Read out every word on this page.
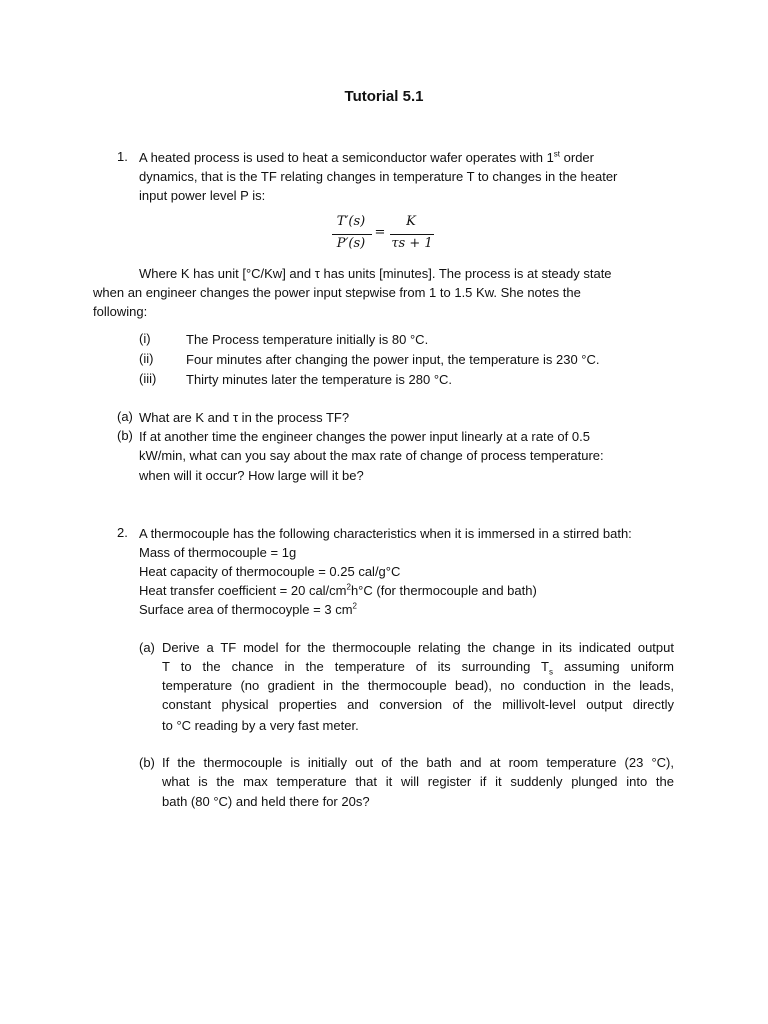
Tutorial 5.1
1. A heated process is used to heat a semiconductor wafer operates with 1st order
dynamics, that is the TF relating changes in temperature T to changes in the heater
input power level P is:
T′(s)
P′(s)
=
K
τs + 1
Where K has unit [°C/Kw] and τ has units [minutes]. The process is at steady state
when an engineer changes the power input stepwise from 1 to 1.5 Kw. She notes the
following:
(i)	The Process temperature initially is 80 °C.
(ii)	Four minutes after changing the power input, the temperature is 230 °C.
(iii) Thirty minutes later the temperature is 280 °C.
(a) What are K and τ in the process TF?
(b) If at another time the engineer changes the power input linearly at a rate of 0.5
kW/min, what can you say about the max rate of change of process temperature:
when will it occur? How large will it be?
2. A thermocouple has the following characteristics when it is immersed in a stirred bath:
Mass of thermocouple = 1g
Heat capacity of thermocouple = 0.25 cal/g°C
Heat transfer coefficient = 20 cal/$cm^2h^\circ C$ (for thermocouple and bath)
Surface area of thermocoyple = 3 $cm^2$
(a) Derive a TF model for the thermocouple relating the change in its indicated output
T to the chance in the temperature of its surrounding $T_s$ assuming uniform
temperature (no gradient in the thermocouple bead), no conduction in the leads,
constant physical properties and conversion of the millivolt-level output directly
to °C reading by a very fast meter.
(b) If the thermocouple is initially out of the bath and at room temperature (23 °C),
what is the max temperature that it will register if it suddenly plunged into the
bath (80 °C) and held there for 20s?
